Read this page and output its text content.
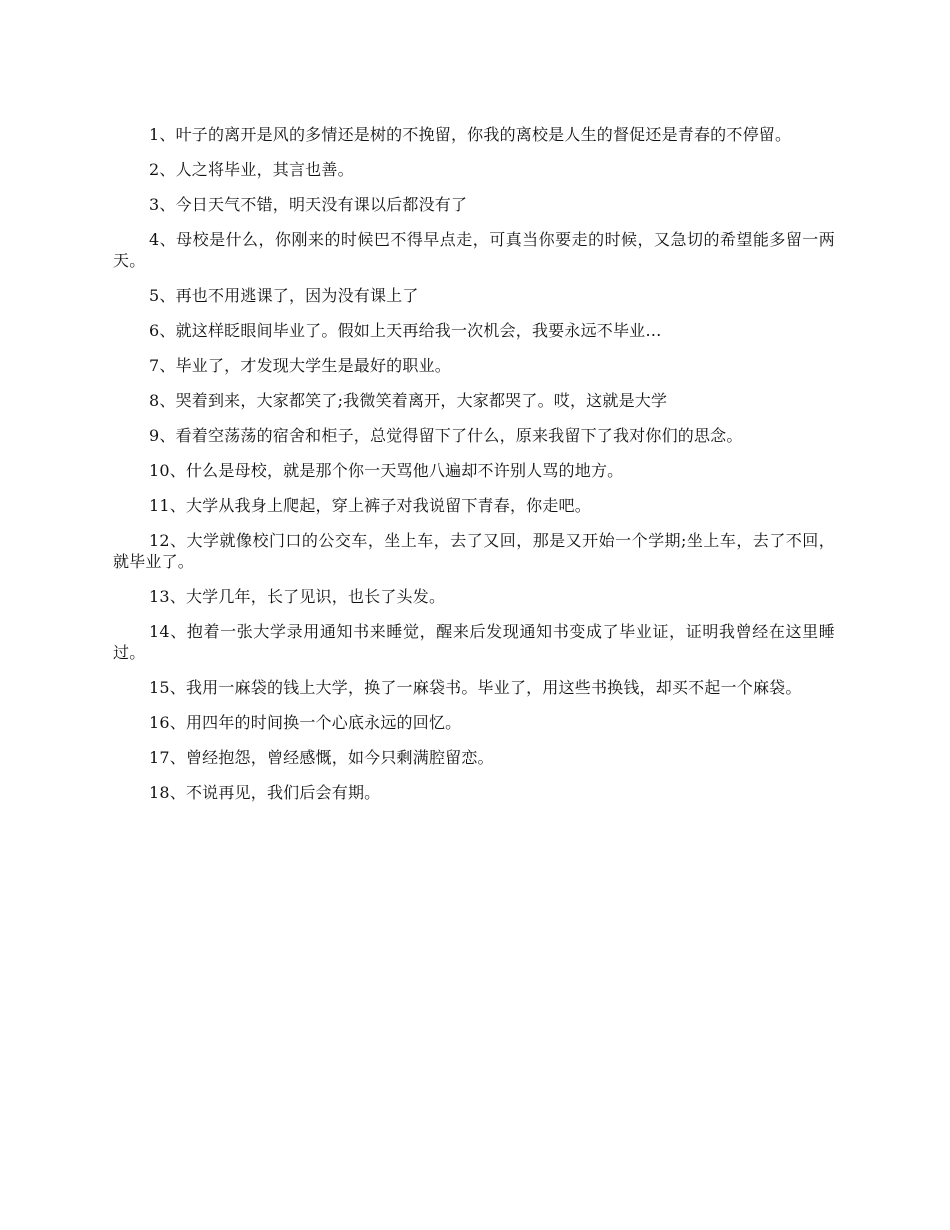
1、叶子的离开是风的多情还是树的不挽留，你我的离校是人生的督促还是青春的不停留。

2、人之将毕业，其言也善。

3、今日天气不错，明天没有课以后都没有了

4、母校是什么，你刚来的时候巴不得早点走，可真当你要走的时候，又急切的希望能多留一两天。

5、再也不用逃课了，因为没有课上了

6、就这样眨眼间毕业了。假如上天再给我一次机会，我要永远不毕业…

7、毕业了，才发现大学生是最好的职业。

8、哭着到来，大家都笑了;我微笑着离开，大家都哭了。哎，这就是大学

9、看着空荡荡的宿舍和柜子，总觉得留下了什么，原来我留下了我对你们的思念。

10、什么是母校，就是那个你一天骂他八遍却不许别人骂的地方。

11、大学从我身上爬起，穿上裤子对我说留下青春，你走吧。

12、大学就像校门口的公交车，坐上车，去了又回，那是又开始一个学期;坐上车，去了不回，就毕业了。

13、大学几年，长了见识，也长了头发。

14、抱着一张大学录用通知书来睡觉，醒来后发现通知书变成了毕业证，证明我曾经在这里睡过。

15、我用一麻袋的钱上大学，换了一麻袋书。毕业了，用这些书换钱，却买不起一个麻袋。

16、用四年的时间换一个心底永远的回忆。

17、曾经抱怨，曾经感慨，如今只剩满腔留恋。

18、不说再见，我们后会有期。
